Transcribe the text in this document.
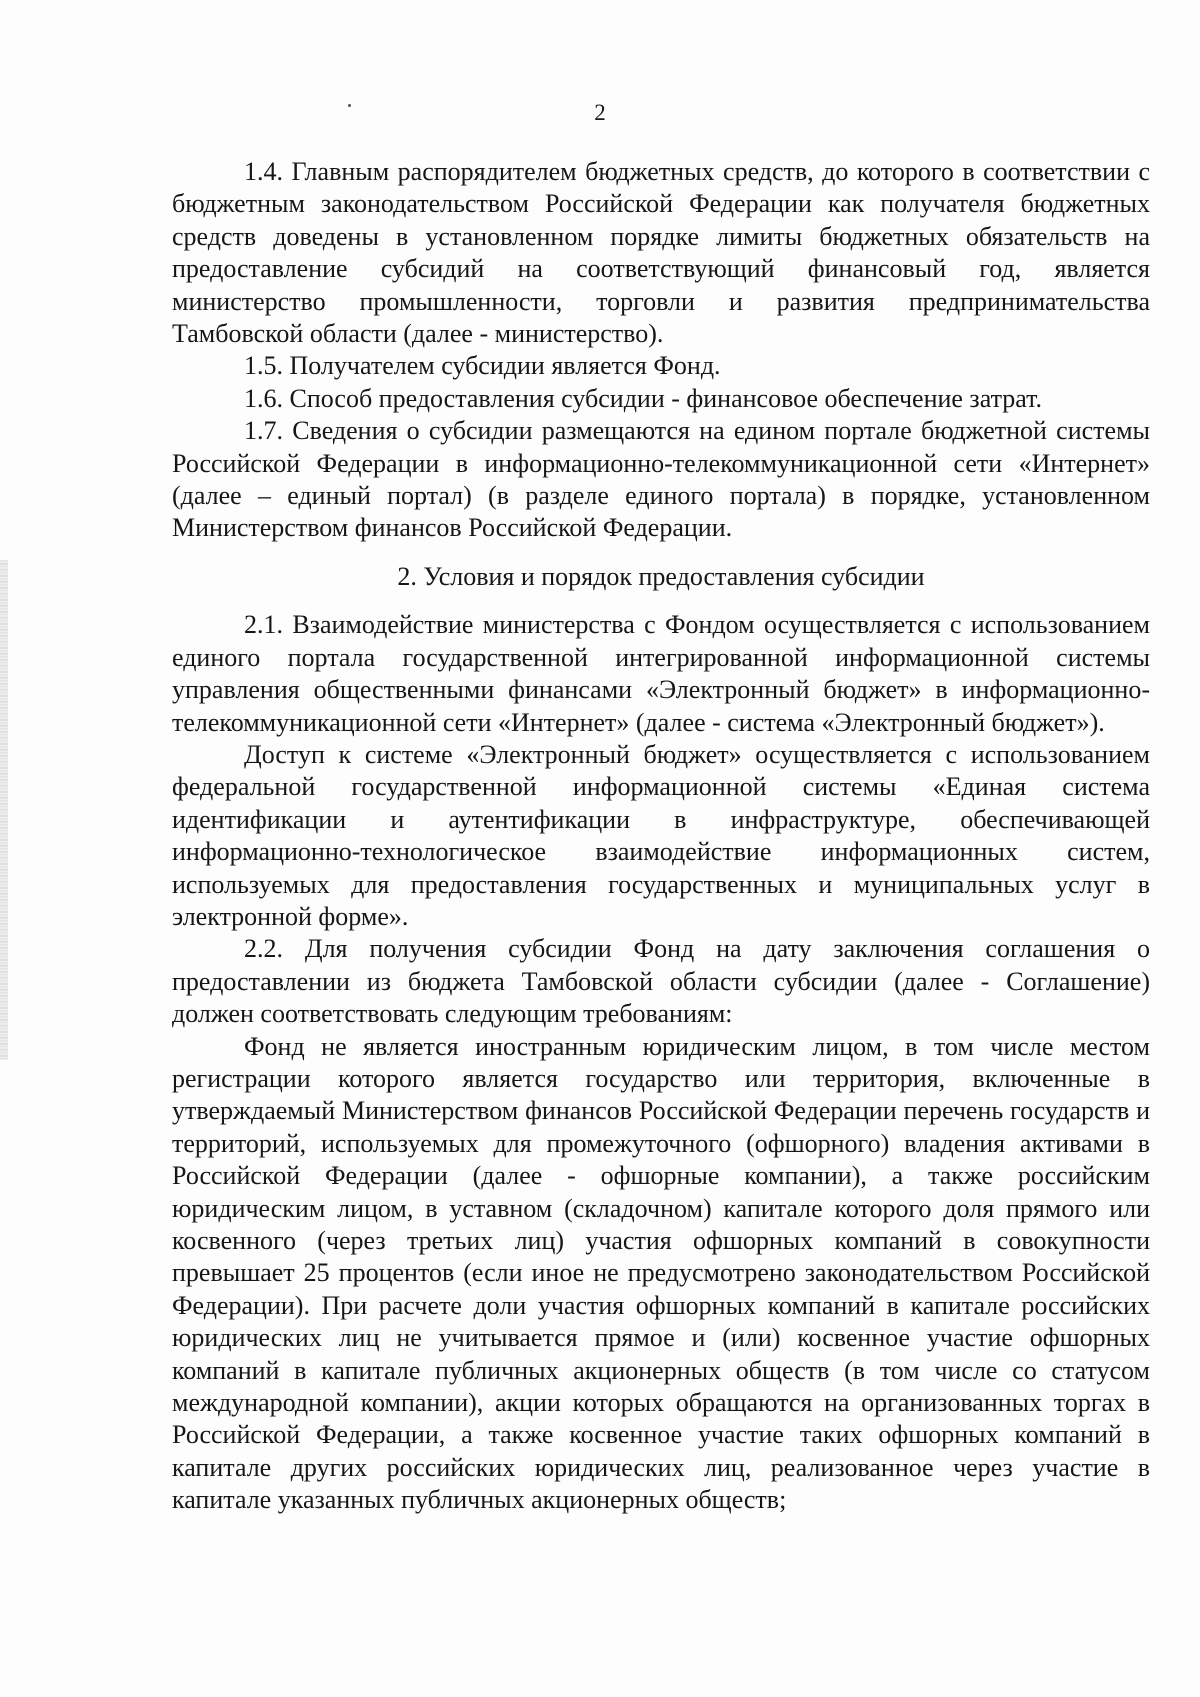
2

1.4. Главным распорядителем бюджетных средств, до которого в соответствии с бюджетным законодательством Российской Федерации как получателя бюджетных средств доведены в установленном порядке лимиты бюджетных обязательств на предоставление субсидий на соответствующий финансовый год, является министерство промышленности, торговли и развития предпринимательства Тамбовской области (далее - министерство).

1.5. Получателем субсидии является Фонд.

1.6. Способ предоставления субсидии - финансовое обеспечение затрат.

1.7. Сведения о субсидии размещаются на едином портале бюджетной системы Российской Федерации в информационно-телекоммуникационной сети «Интернет» (далее – единый портал) (в разделе единого портала) в порядке, установленном Министерством финансов Российской Федерации.

2. Условия и порядок предоставления субсидии

2.1. Взаимодействие министерства с Фондом осуществляется с использованием единого портала государственной интегрированной информационной системы управления общественными финансами «Электронный бюджет» в информационно-телекоммуникационной сети «Интернет» (далее - система «Электронный бюджет»).

Доступ к системе «Электронный бюджет» осуществляется с использованием федеральной государственной информационной системы «Единая система идентификации и аутентификации в инфраструктуре, обеспечивающей информационно-технологическое взаимодействие информационных систем, используемых для предоставления государственных и муниципальных услуг в электронной форме».

2.2. Для получения субсидии Фонд на дату заключения соглашения о предоставлении из бюджета Тамбовской области субсидии (далее - Соглашение) должен соответствовать следующим требованиям:

Фонд не является иностранным юридическим лицом, в том числе местом регистрации которого является государство или территория, включенные в утверждаемый Министерством финансов Российской Федерации перечень государств и территорий, используемых для промежуточного (офшорного) владения активами в Российской Федерации (далее - офшорные компании), а также российским юридическим лицом, в уставном (складочном) капитале которого доля прямого или косвенного (через третьих лиц) участия офшорных компаний в совокупности превышает 25 процентов (если иное не предусмотрено законодательством Российской Федерации). При расчете доли участия офшорных компаний в капитале российских юридических лиц не учитывается прямое и (или) косвенное участие офшорных компаний в капитале публичных акционерных обществ (в том числе со статусом международной компании), акции которых обращаются на организованных торгах в Российской Федерации, а также косвенное участие таких офшорных компаний в капитале других российских юридических лиц, реализованное через участие в капитале указанных публичных акционерных обществ;
